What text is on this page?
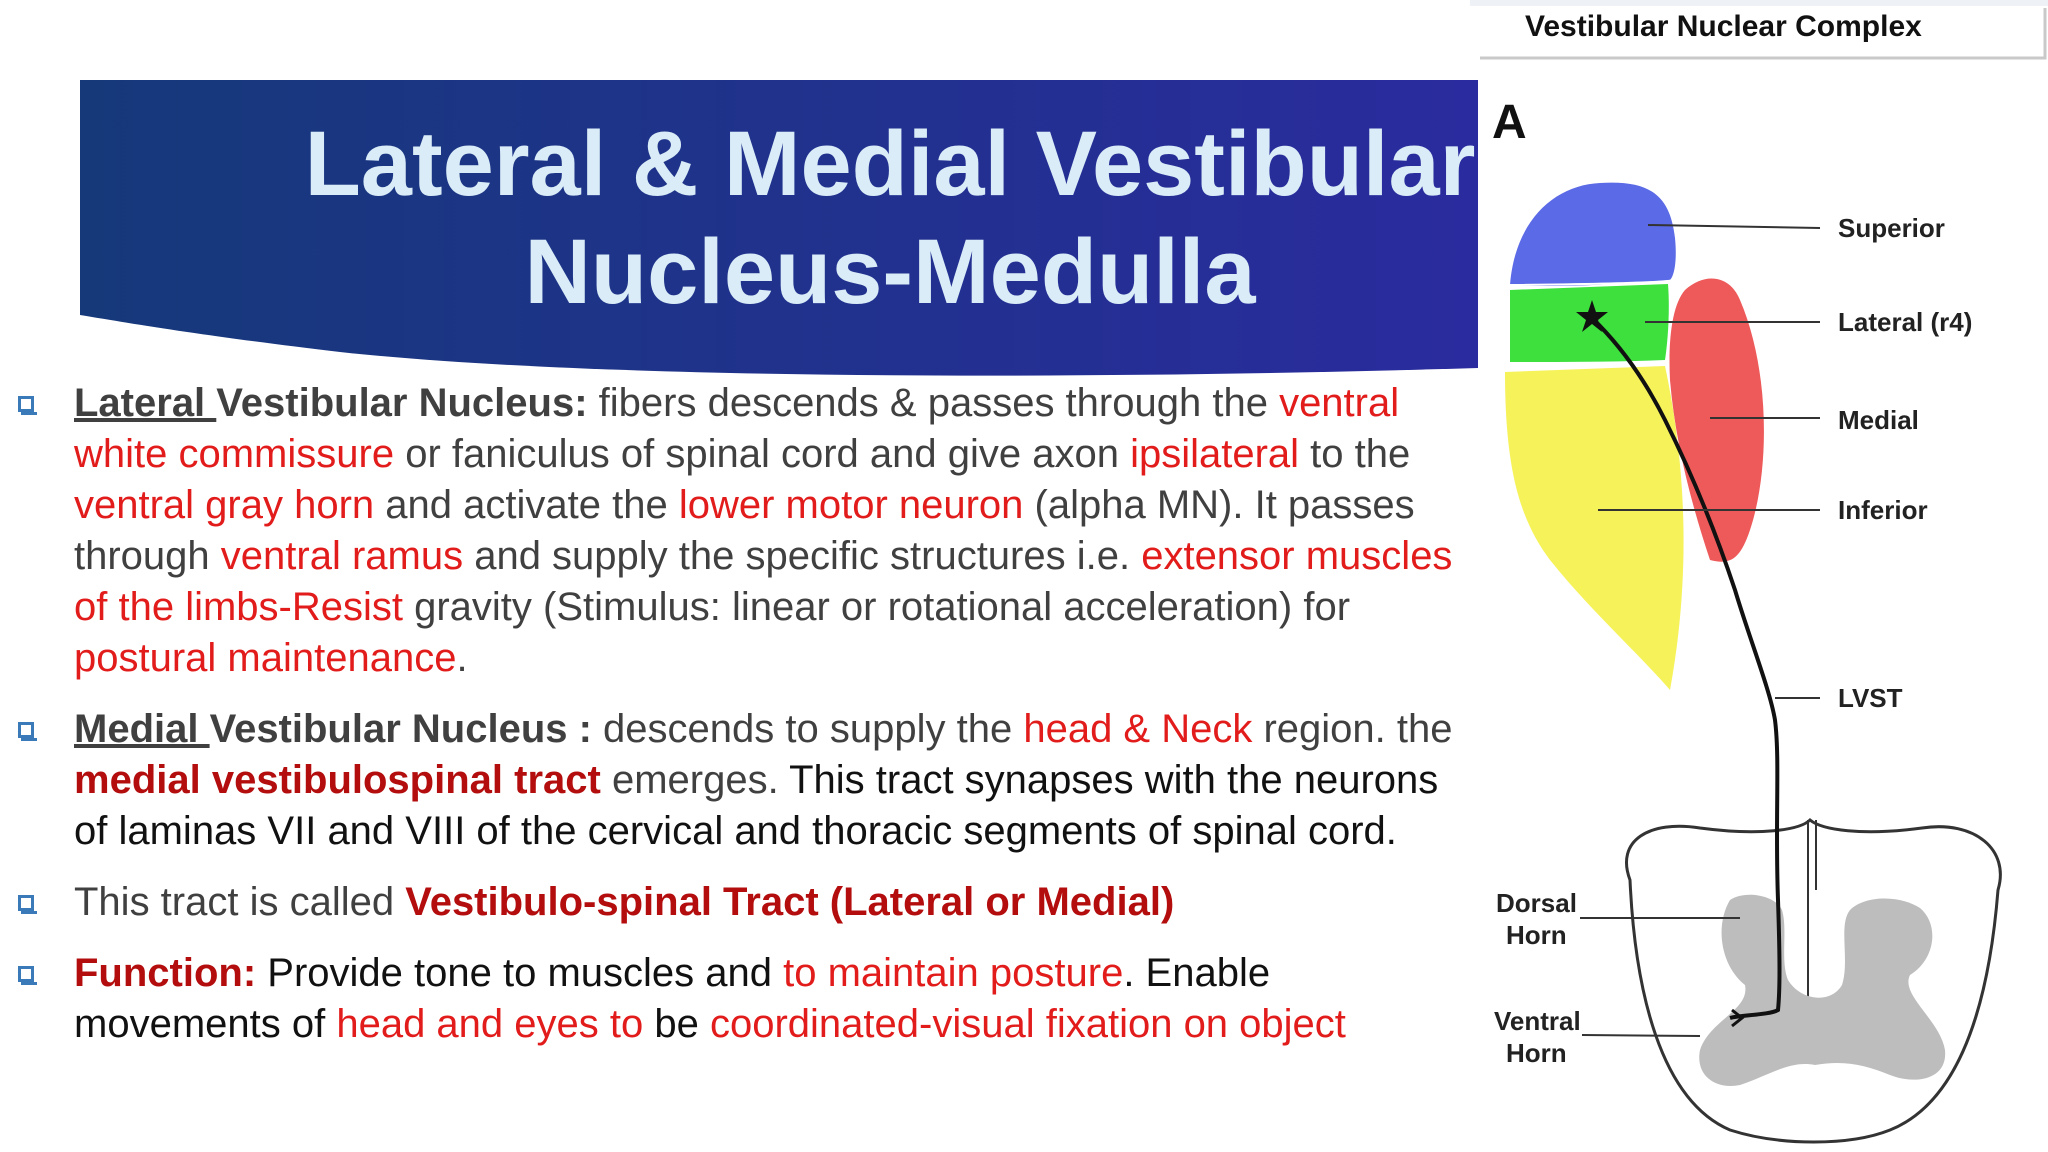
Lateral & Medial Vestibular
Nucleus-Medulla
Lateral Vestibular Nucleus: fibers descends & passes through the ventral white commissure or faniculus of spinal cord and give axon ipsilateral to the ventral gray horn and activate the lower motor neuron (alpha MN). It passes through ventral ramus and supply the specific structures i.e. extensor muscles of the limbs-Resist gravity (Stimulus: linear or rotational acceleration) for postural maintenance.
Medial Vestibular Nucleus : descends to supply the head & Neck region. the medial vestibulospinal tract emerges. This tract synapses with the neurons of laminas VII and VIII of the cervical and thoracic segments of spinal cord.
This tract is called Vestibulo-spinal Tract (Lateral or Medial)
Function: Provide tone to muscles and to maintain posture. Enable movements of head and eyes to be coordinated-visual fixation on object
Vestibular Nuclear Complex
A
Superior
Lateral (r4)
Medial
Inferior
LVST
Dorsal
Horn
Ventral
Horn
